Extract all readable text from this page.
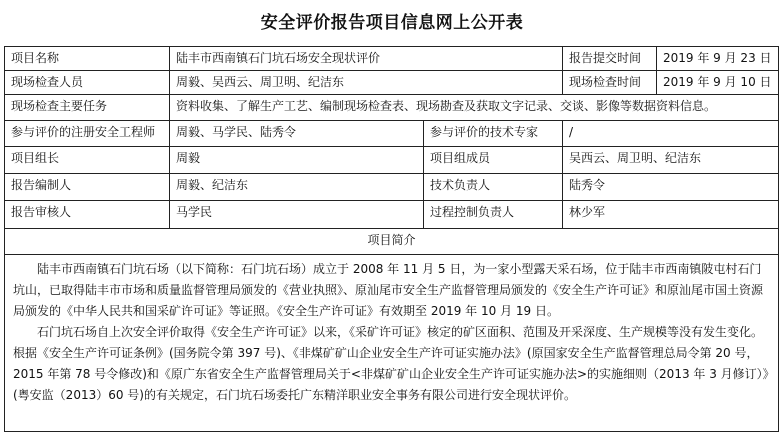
安全评价报告项目信息网上公开表
项目名称	陆丰市西南镇石门坑石场安全现状评价	报告提交时间	2019 年 9 月 23 日
现场检查人员	周毅、吴西云、周卫明、纪洁东	现场检查时间	2019 年 9 月 10 日
现场检查主要任务	资料收集、了解生产工艺、编制现场检查表、现场勘查及获取文字记录、交谈、影像等数据资料信息。
参与评价的注册安全工程师	周毅、马学民、陆秀令	参与评价的技术专家	/
项目组长	周毅	项目组成员	吴西云、周卫明、纪洁东
报告编制人	周毅、纪洁东	技术负责人	陆秀令
报告审核人	马学民	过程控制负责人	林少军
项目简介

陆丰市西南镇石门坑石场（以下简称：石门坑石场）成立于 2008 年 11 月 5 日，为一家小型露天采石场，位于陆丰市西南镇陂屯村石门坑山，已取得陆丰市市场和质量监督管理局颁发的《营业执照》、原汕尾市安全生产监督管理局颁发的《安全生产许可证》和原汕尾市国土资源局颁发的《中华人民共和国采矿许可证》等证照。《安全生产许可证》有效期至 2019 年 10 月 19 日。

石门坑石场自上次安全评价取得《安全生产许可证》以来，《采矿许可证》核定的矿区面积、范围及开采深度、生产规模等没有发生变化。根据《安全生产许可证条例》(国务院令第 397 号)、《非煤矿矿山企业安全生产许可证实施办法》(原国家安全生产监督管理总局令第 20 号，2015 年第 78 号令修改)和《原广东省安全生产监督管理局关于<非煤矿矿山企业安全生产许可证实施办法>的实施细则（2013 年 3 月修订）》(粤安监（2013）60 号)的有关规定，石门坑石场委托广东精洋职业安全事务有限公司进行安全现状评价。
